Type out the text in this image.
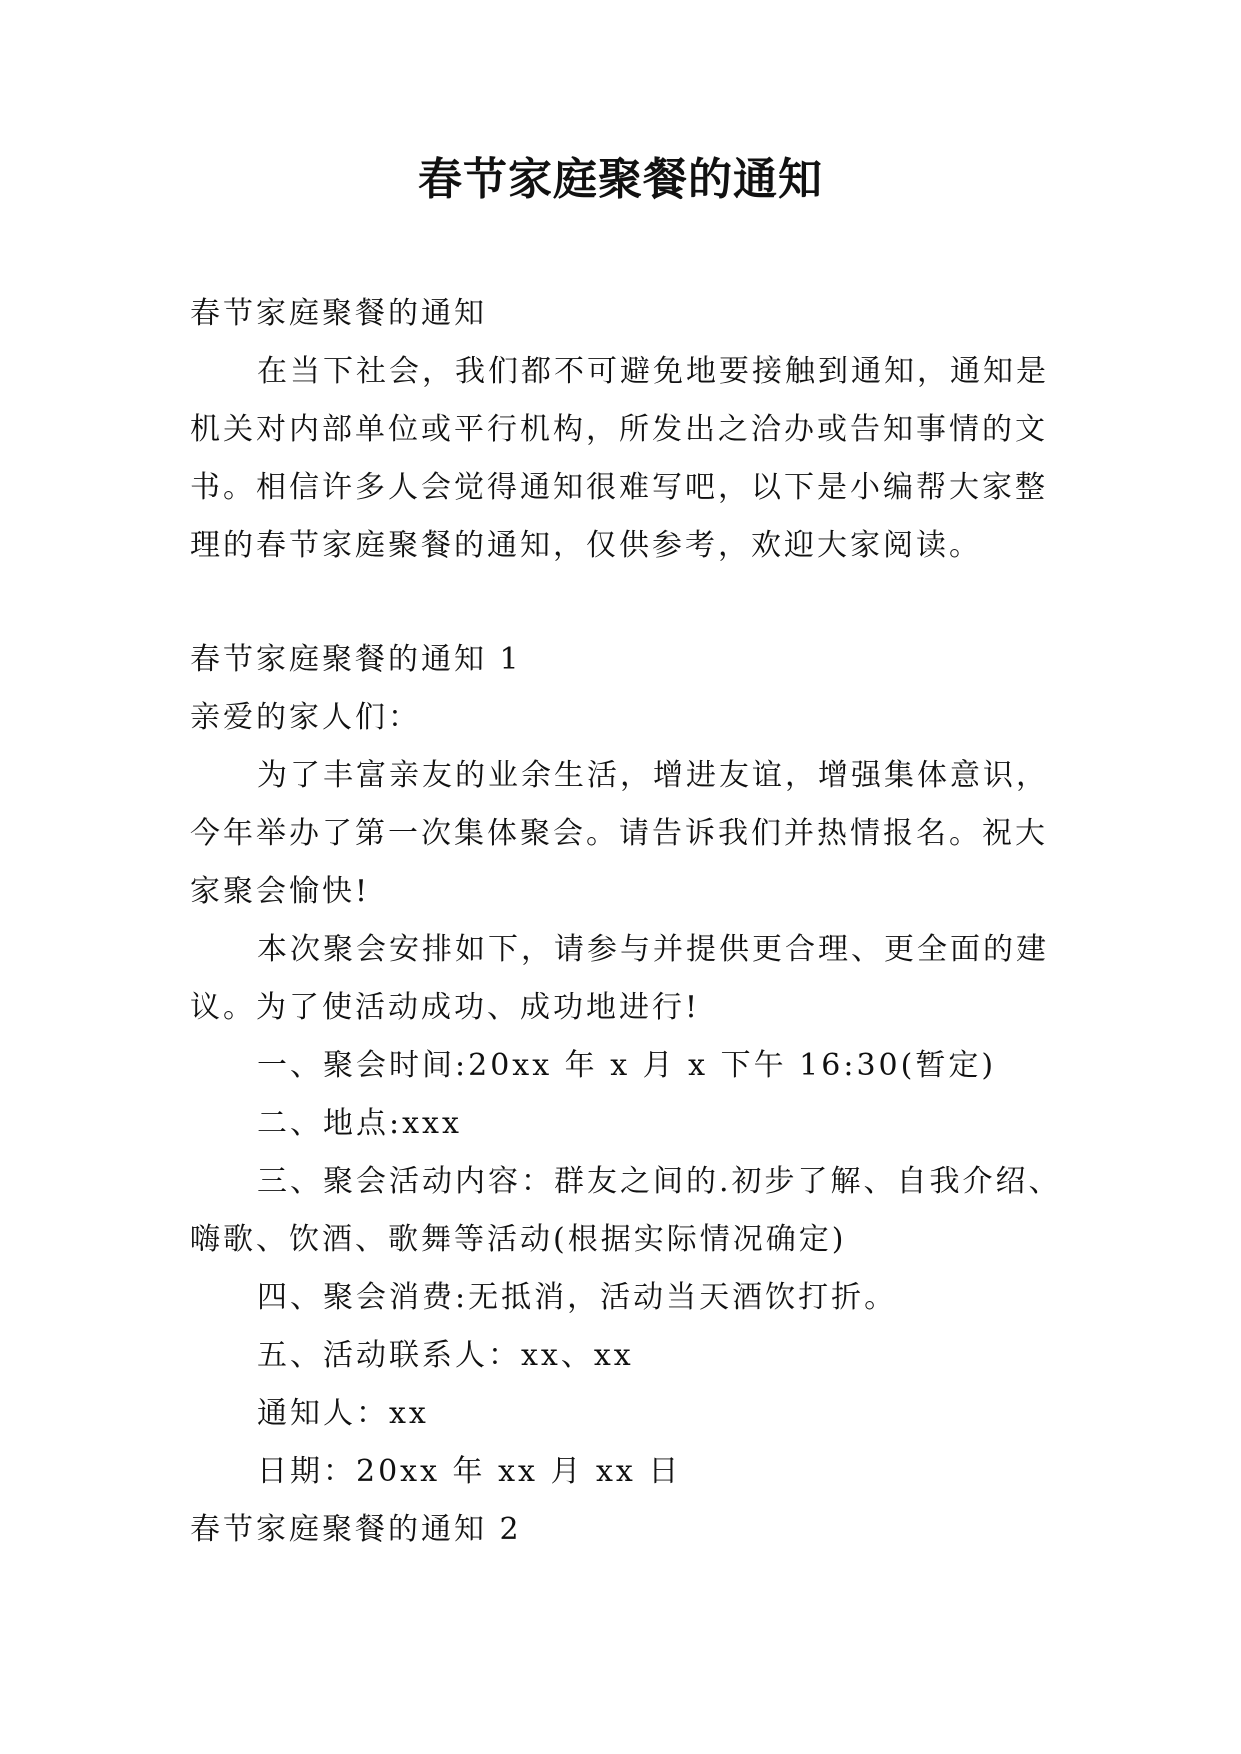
春节家庭聚餐的通知
春节家庭聚餐的通知
在当下社会，我们都不可避免地要接触到通知，通知是
机关对内部单位或平行机构，所发出之洽办或告知事情的文
书。相信许多人会觉得通知很难写吧，以下是小编帮大家整
理的春节家庭聚餐的通知，仅供参考，欢迎大家阅读。
春节家庭聚餐的通知 1
亲爱的家人们：
为了丰富亲友的业余生活，增进友谊，增强集体意识，
今年举办了第一次集体聚会。请告诉我们并热情报名。祝大
家聚会愉快!
本次聚会安排如下，请参与并提供更合理、更全面的建
议。为了使活动成功、成功地进行!
一、聚会时间:20xx 年 x 月 x 下午 16:30(暂定)
二、地点:xxx
三、聚会活动内容：群友之间的.初步了解、自我介绍、
嗨歌、饮酒、歌舞等活动(根据实际情况确定)
四、聚会消费:无抵消，活动当天酒饮打折。
五、活动联系人：xx、xx
通知人：xx
日期：20xx 年 xx 月 xx 日
春节家庭聚餐的通知 2
